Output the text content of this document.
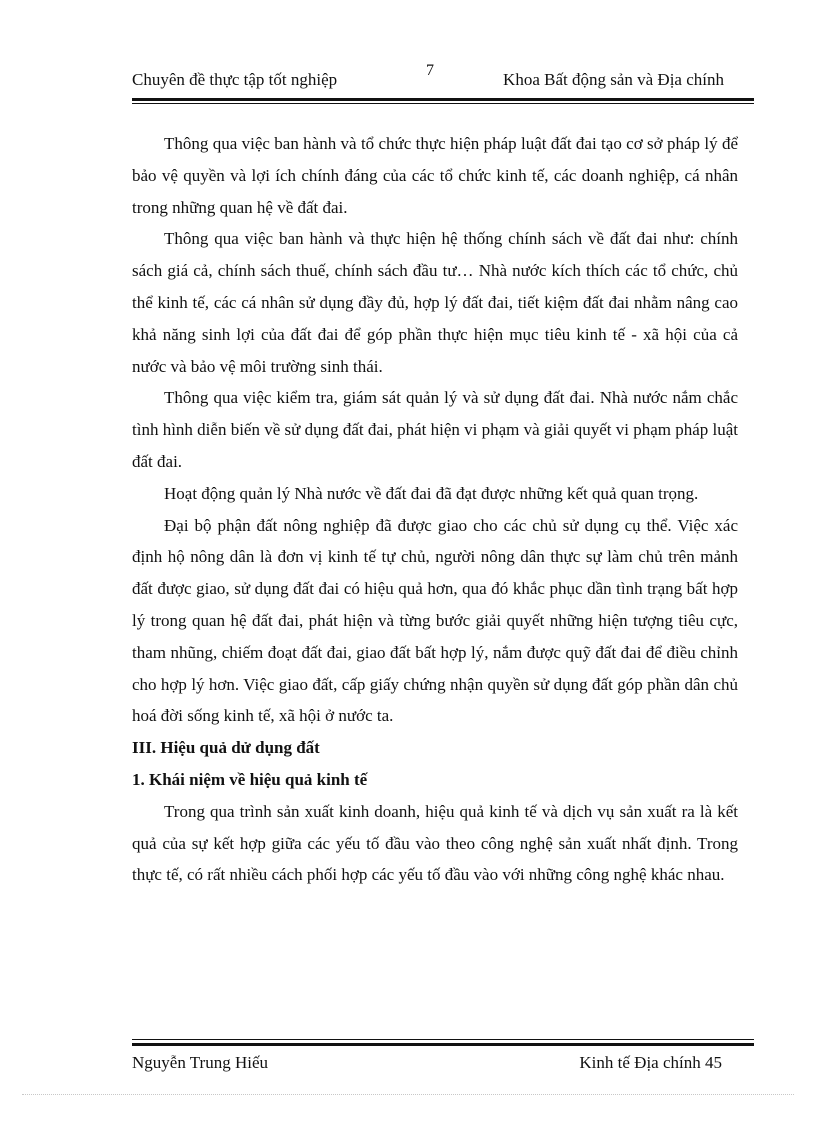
Chuyên đề thực tập tốt nghiệp	7	Khoa Bất động sản và Địa chính

Thông qua việc ban hành và tổ chức thực hiện pháp luật đất đai tạo cơ sở pháp lý để bảo vệ quyền và lợi ích chính đáng của các tổ chức kinh tế, các doanh nghiệp, cá nhân trong những quan hệ về đất đai.

Thông qua việc ban hành và thực hiện hệ thống chính sách về đất đai như: chính sách giá cả, chính sách thuế, chính sách đầu tư… Nhà nước kích thích các tổ chức, chủ thể kinh tế, các cá nhân sử dụng đầy đủ, hợp lý đất đai, tiết kiệm đất đai nhằm nâng cao khả năng sinh lợi của đất đai để góp phần thực hiện mục tiêu kinh tế - xã hội của cả nước và bảo vệ môi trường sinh thái.

Thông qua việc kiểm tra, giám sát quản lý và sử dụng đất đai. Nhà nước nắm chắc tình hình diễn biến về sử dụng đất đai, phát hiện vi phạm và giải quyết vi phạm pháp luật đất đai.

Hoạt động quản lý Nhà nước về đất đai đã đạt được những kết quả quan trọng.

Đại bộ phận đất nông nghiệp đã được giao cho các chủ sử dụng cụ thể. Việc xác định hộ nông dân là đơn vị kinh tế tự chủ, người nông dân thực sự làm chủ trên mảnh đất được giao, sử dụng đất đai có hiệu quả hơn, qua đó khắc phục dần tình trạng bất hợp lý trong quan hệ đất đai, phát hiện và từng bước giải quyết những hiện tượng tiêu cực, tham nhũng, chiếm đoạt đất đai, giao đất bất hợp lý, nắm được quỹ đất đai để điều chỉnh cho hợp lý hơn. Việc giao đất, cấp giấy chứng nhận quyền sử dụng đất góp phần dân chủ hoá đời sống kinh tế, xã hội ở nước ta.

III. Hiệu quả dử dụng đất
1. Khái niệm về hiệu quả kinh tế

Trong qua trình sản xuất kinh doanh, hiệu quả kinh tế và dịch vụ sản xuất ra là kết quả của sự kết hợp giữa các yếu tố đầu vào theo công nghệ sản xuất nhất định. Trong thực tế, có rất nhiều cách phối hợp các yếu tố đầu vào với những công nghệ khác nhau.

Nguyễn Trung Hiếu	Kinh tế Địa chính 45
